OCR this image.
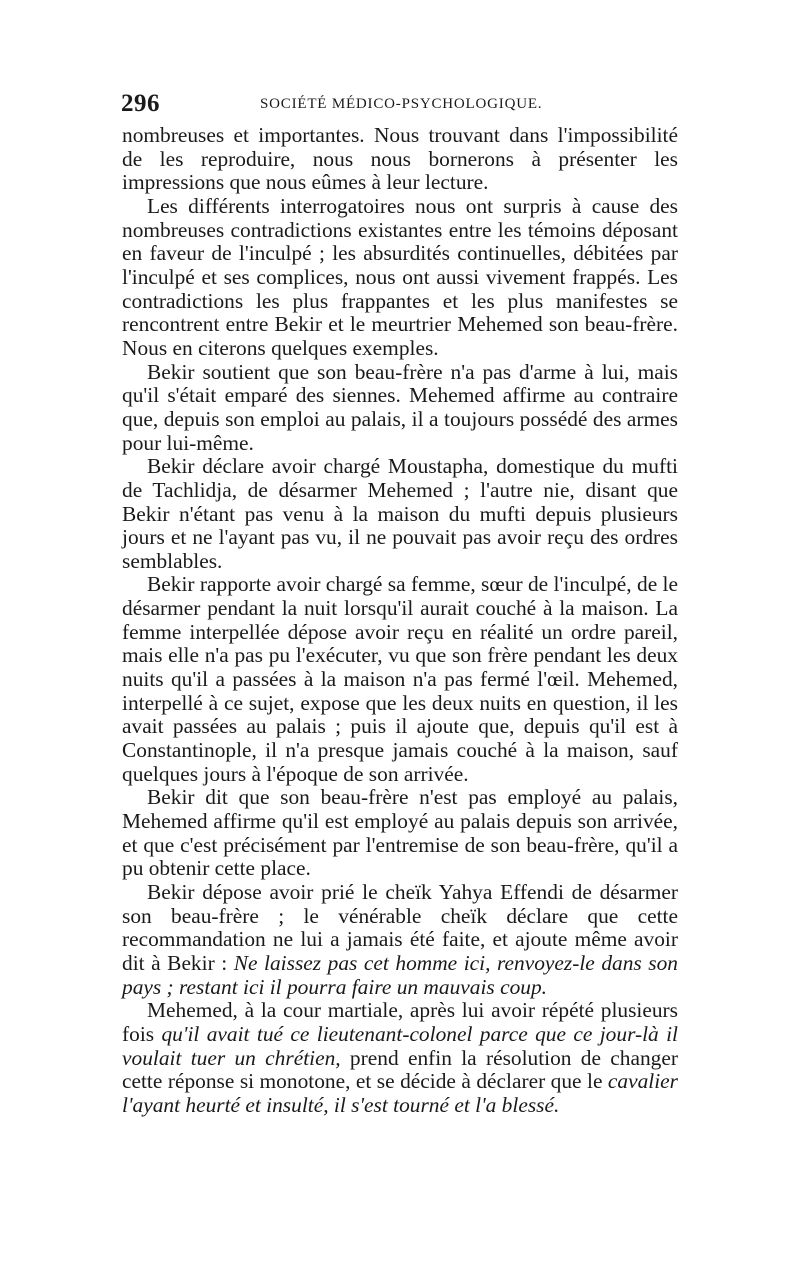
296	SOCIÉTÉ MÉDICO-PSYCHOLOGIQUE.

nombreuses et importantes. Nous trouvant dans l'impossibilité de les reproduire, nous nous bornerons à présenter les impressions que nous eûmes à leur lecture.

Les différents interrogatoires nous ont surpris à cause des nombreuses contradictions existantes entre les témoins déposant en faveur de l'inculpé ; les absurdités continuelles, débitées par l'inculpé et ses complices, nous ont aussi vivement frappés. Les contradictions les plus frappantes et les plus manifestes se rencontrent entre Bekir et le meurtrier Mehemed son beau-frère. Nous en citerons quelques exemples.

Bekir soutient que son beau-frère n'a pas d'arme à lui, mais qu'il s'était emparé des siennes. Mehemed affirme au contraire que, depuis son emploi au palais, il a toujours possédé des armes pour lui-même.

Bekir déclare avoir chargé Moustapha, domestique du mufti de Tachlidja, de désarmer Mehemed ; l'autre nie, disant que Bekir n'étant pas venu à la maison du mufti depuis plusieurs jours et ne l'ayant pas vu, il ne pouvait pas avoir reçu des ordres semblables.

Bekir rapporte avoir chargé sa femme, sœur de l'inculpé, de le désarmer pendant la nuit lorsqu'il aurait couché à la maison. La femme interpellée dépose avoir reçu en réalité un ordre pareil, mais elle n'a pas pu l'exécuter, vu que son frère pendant les deux nuits qu'il a passées à la maison n'a pas fermé l'œil. Mehemed, interpellé à ce sujet, expose que les deux nuits en question, il les avait passées au palais ; puis il ajoute que, depuis qu'il est à Constantinople, il n'a presque jamais couché à la maison, sauf quelques jours à l'époque de son arrivée.

Bekir dit que son beau-frère n'est pas employé au palais, Mehemed affirme qu'il est employé au palais depuis son arrivée, et que c'est précisément par l'entremise de son beau-frère, qu'il a pu obtenir cette place.

Bekir dépose avoir prié le cheïk Yahya Effendi de désarmer son beau-frère ; le vénérable cheïk déclare que cette recommandation ne lui a jamais été faite, et ajoute même avoir dit à Bekir : Ne laissez pas cet homme ici, renvoyez-le dans son pays ; restant ici il pourra faire un mauvais coup.

Mehemed, à la cour martiale, après lui avoir répété plusieurs fois qu'il avait tué ce lieutenant-colonel parce que ce jour-là il voulait tuer un chrétien, prend enfin la résolution de changer cette réponse si monotone, et se décide à déclarer que le cavalier l'ayant heurté et insulté, il s'est tourné et l'a blessé.
